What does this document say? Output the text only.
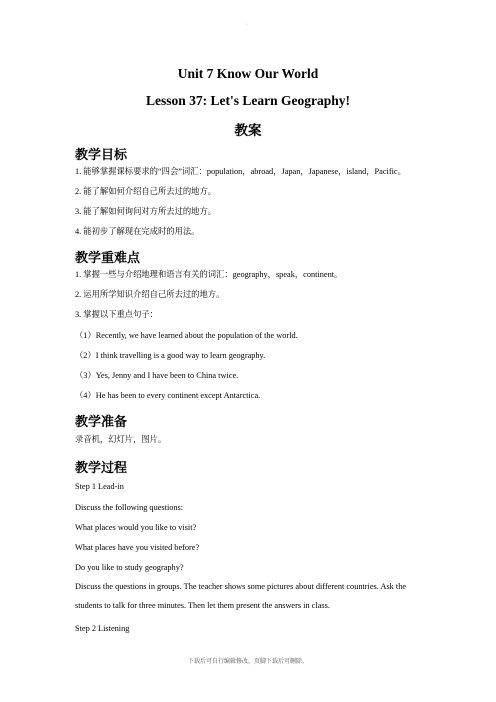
·
Unit 7 Know Our World
Lesson 37: Let's Learn Geography!
教案
教学目标
1. 能够掌握课标要求的“四会”词汇：population，abroad，Japan，Japanese，island，Pacific。
2. 能了解如何介绍自己所去过的地方。
3. 能了解如何询问对方所去过的地方。
4. 能初步了解现在完成时的用法。
教学重难点
1. 掌握一些与介绍地理和语言有关的词汇：geography，speak，continent。
2. 运用所学知识介绍自己所去过的地方。
3. 掌握以下重点句子：
（1）Recently, we have learned about the population of the world.
（2）I think travelling is a good way to learn geography.
（3）Yes, Jenny and I have been to China twice.
（4）He has been to every continent except Antarctica.
教学准备
录音机，幻灯片，图片。
教学过程
Step 1 Lead-in
Discuss the following questions:
What places would you like to visit?
What places have you visited before?
Do you like to study geography?
Discuss the questions in groups. The teacher shows some pictures about different countries. Ask the students to talk for three minutes. Then let them present the answers in class.
Step 2 Listening
下载后可自行编辑修改，页脚下载后可删除。
